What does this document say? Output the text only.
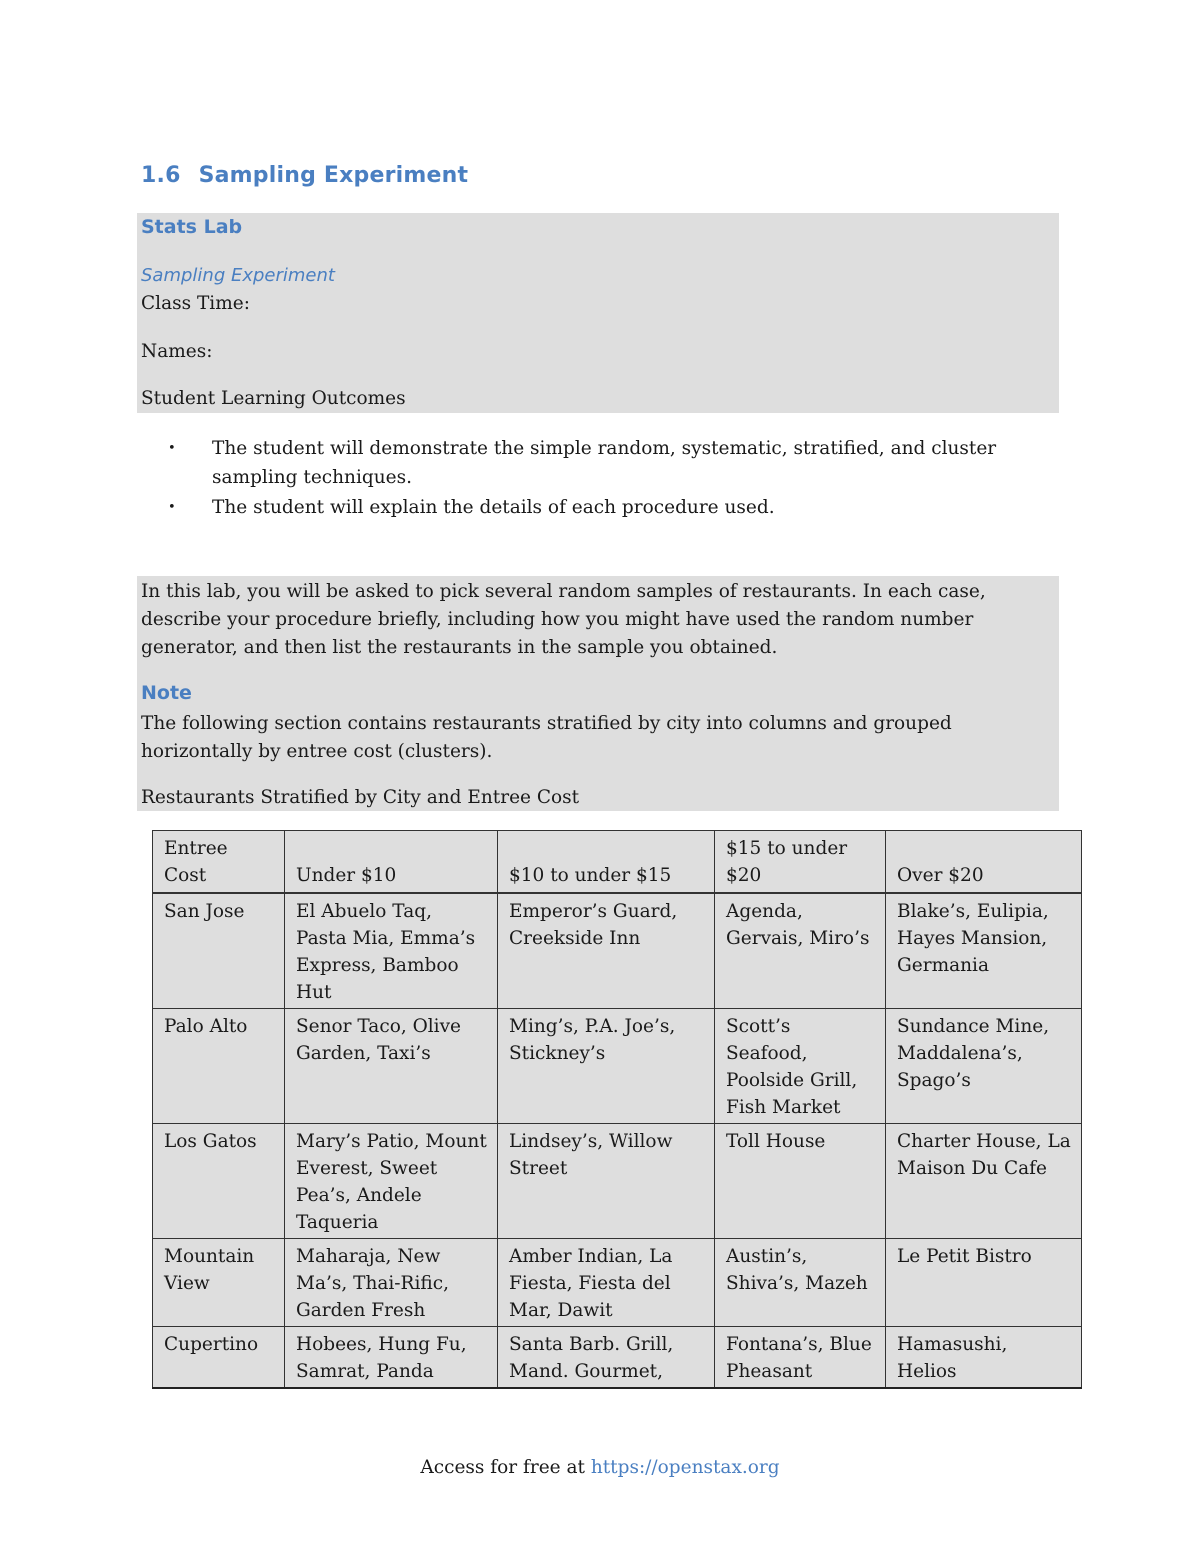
1.6 Sampling Experiment
Stats Lab

Sampling Experiment

Class Time:

Names:

Student Learning Outcomes

• The student will demonstrate the simple random, systematic, stratified, and cluster sampling techniques.
• The student will explain the details of each procedure used.

In this lab, you will be asked to pick several random samples of restaurants. In each case, describe your procedure briefly, including how you might have used the random number generator, and then list the restaurants in the sample you obtained.

Note

The following section contains restaurants stratified by city into columns and grouped horizontally by entree cost (clusters).

Restaurants Stratified by City and Entree Cost

Entree Cost	Under $10	$10 to under $15	$15 to under $20	Over $20
San Jose	El Abuelo Taq, Pasta Mia, Emma’s Express, Bamboo Hut	Emperor’s Guard, Creekside Inn	Agenda, Gervais, Miro’s	Blake’s, Eulipia, Hayes Mansion, Germania
Palo Alto	Senor Taco, Olive Garden, Taxi’s	Ming’s, P.A. Joe’s, Stickney’s	Scott’s Seafood, Poolside Grill, Fish Market	Sundance Mine, Maddalena’s, Spago’s
Los Gatos	Mary’s Patio, Mount Everest, Sweet Pea’s, Andele Taqueria	Lindsey’s, Willow Street	Toll House	Charter House, La Maison Du Cafe
Mountain View	Maharaja, New Ma’s, Thai-Rific, Garden Fresh	Amber Indian, La Fiesta, Fiesta del Mar, Dawit	Austin’s, Shiva’s, Mazeh	Le Petit Bistro
Cupertino	Hobees, Hung Fu, Samrat, Panda	Santa Barb. Grill, Mand. Gourmet,	Fontana’s, Blue Pheasant	Hamasushi, Helios

Access for free at https://openstax.org
